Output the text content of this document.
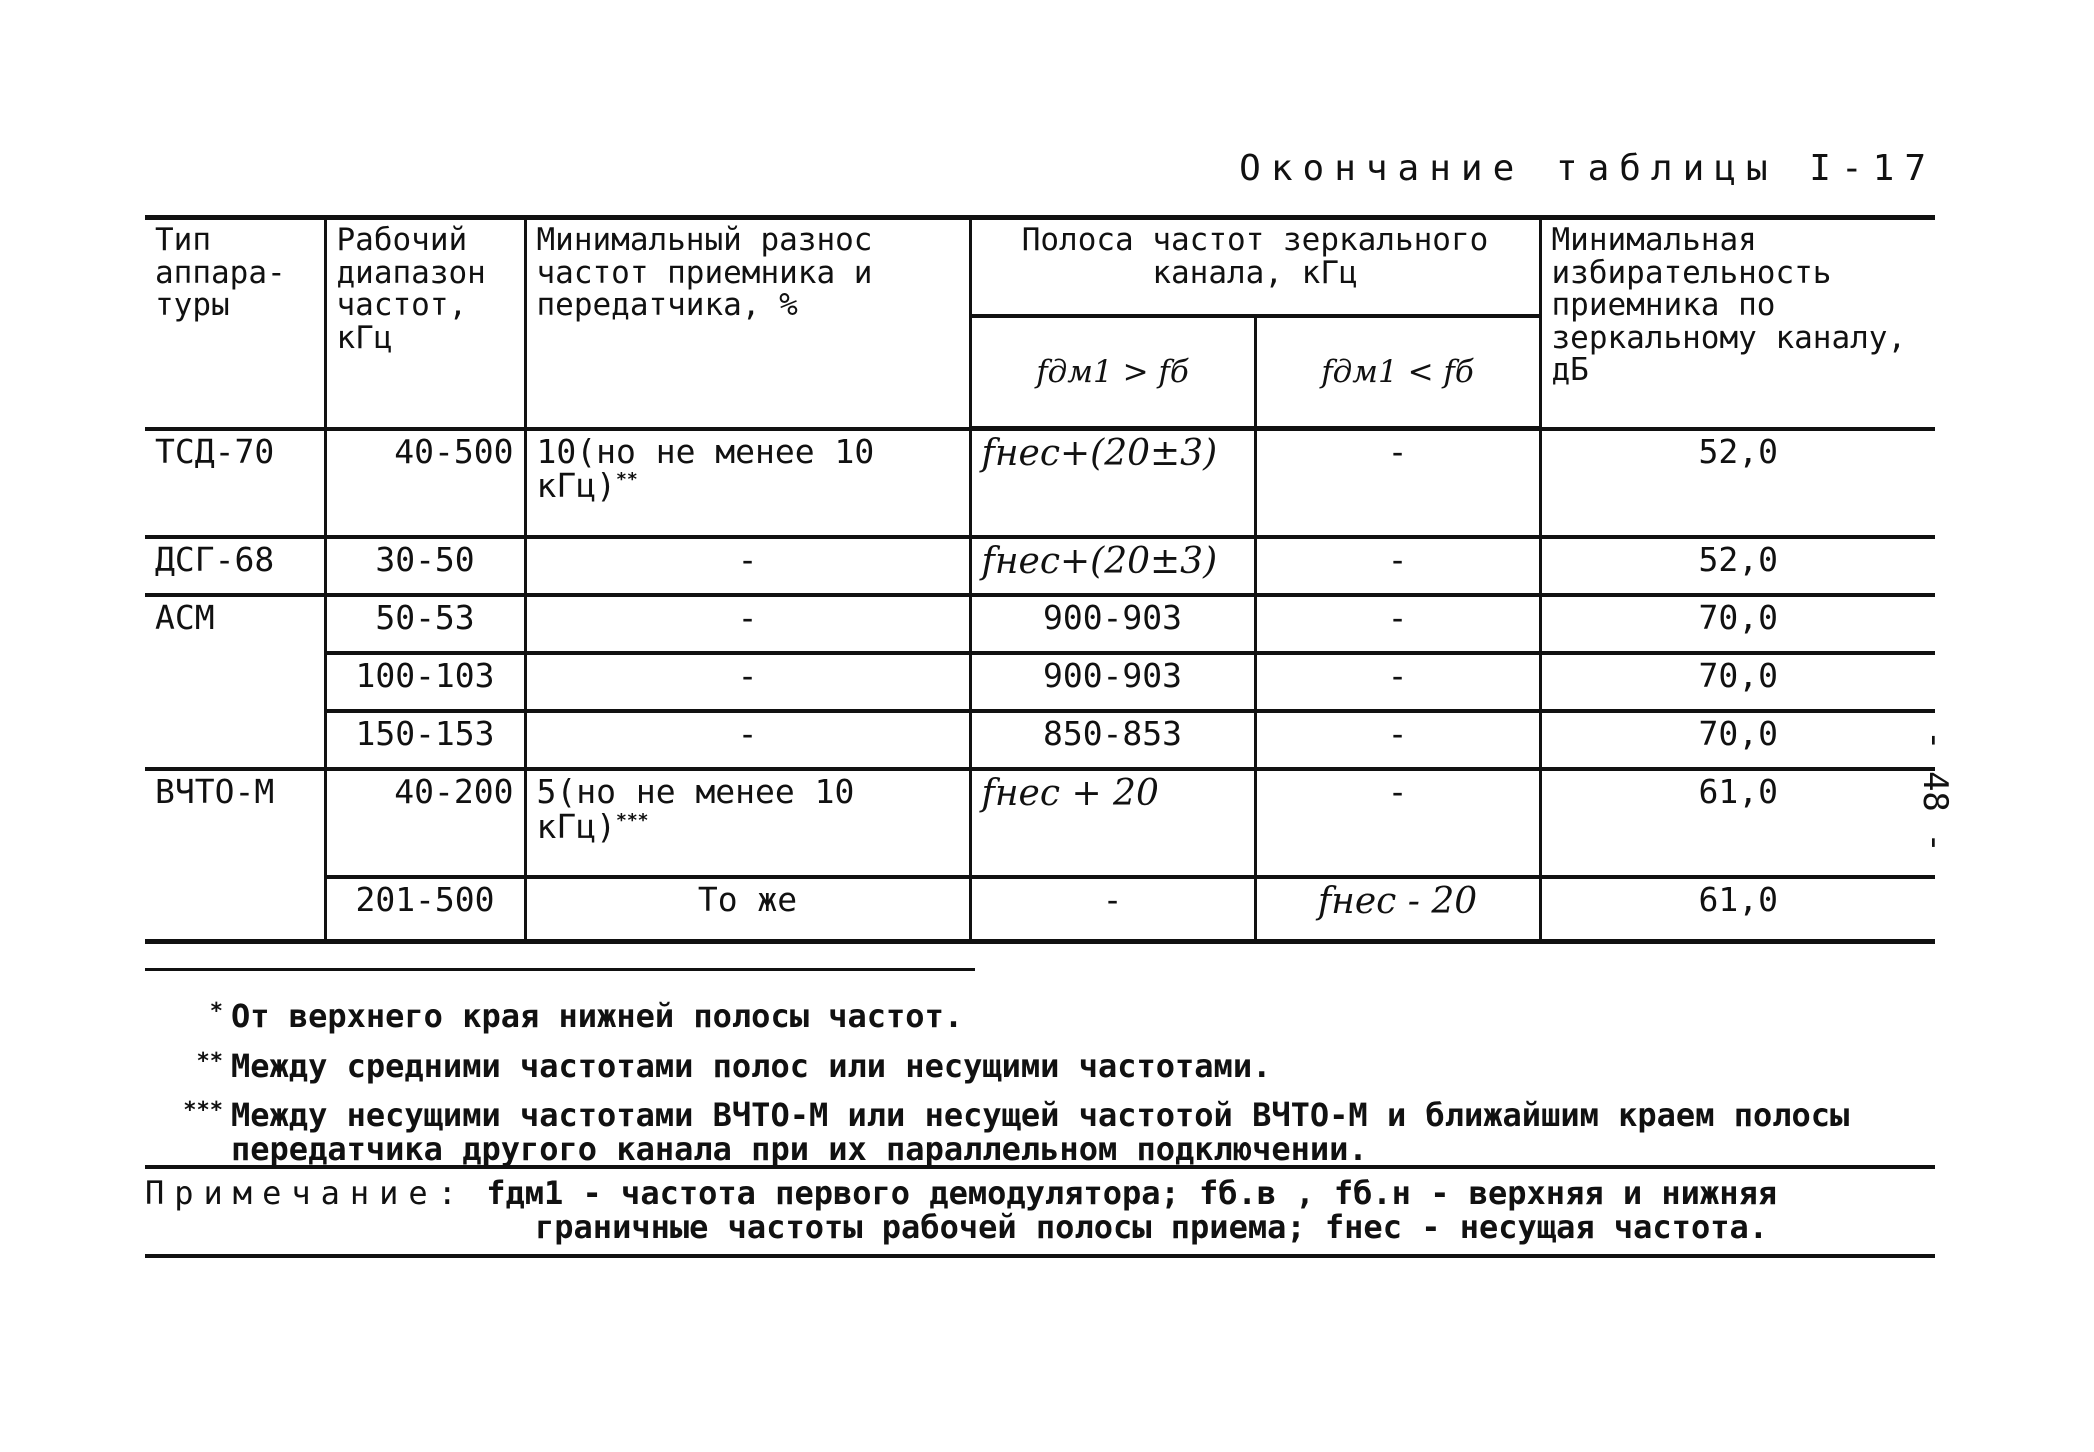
Окончание таблицы I-17
Тип аппара- туры	Рабочий диапазон частот, кГц	Минимальный разнос частот приемника и передатчика, %	Полоса частот зеркального канала, кГц		Минимальная избирательность приемника по зеркальному каналу, дБ
			fдм1 > fб	fдм1 < fб	
ТСД-70	40-500	10(но не менее 10 кГц)**	fнес+(20±3)	-	52,0
ДСГ-68	30-50	-	fнес+(20±3)	-	52,0
АСМ	50-53	-	900-903	-	70,0
	100-103	-	900-903	-	70,0
	150-153	-	850-853	-	70,0
ВЧТО-М	40-200	5(но не менее 10 кГц)***	fнес + 20	-	61,0
	201-500	То же	-	fнес - 20	61,0
- 48 -
* От верхнего края нижней полосы частот.
** Между средними частотами полос или несущими частотами.
*** Между несущими частотами ВЧТО-М или несущей частотой ВЧТО-М и ближайшим краем полосы передатчика другого канала при их параллельном подключении.
Примечание: fдм1 - частота первого демодулятора; fб.в , fб.н - верхняя и нижняя
граничные частоты рабочей полосы приема; fнес - несущая частота.
